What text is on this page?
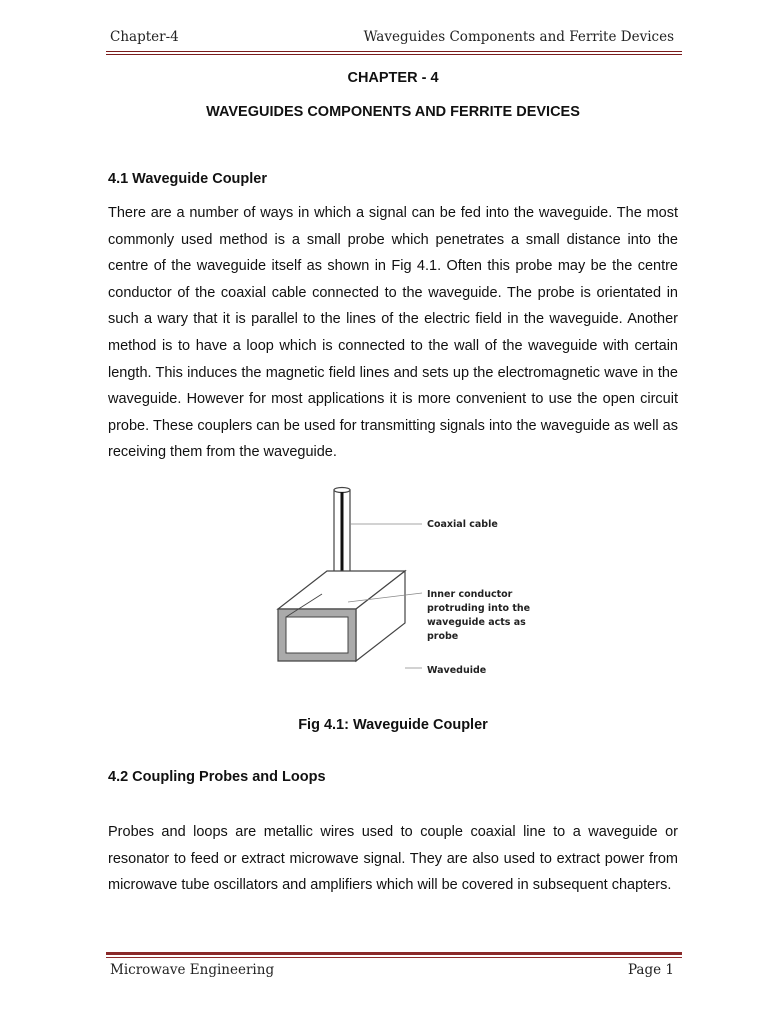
Chapter-4	Waveguides Components and Ferrite Devices
CHAPTER - 4
WAVEGUIDES COMPONENTS AND FERRITE DEVICES
4.1 Waveguide Coupler

There are a number of ways in which a signal can be fed into the waveguide. The most commonly used method is a small probe which penetrates a small distance into the centre of the waveguide itself as shown in Fig 4.1. Often this probe may be the centre conductor of the coaxial cable connected to the waveguide. The probe is orientated in such a wary that it is parallel to the lines of the electric field in the waveguide. Another method is to have a loop which is connected to the wall of the waveguide with certain length. This induces the magnetic field lines and sets up the electromagnetic wave in the waveguide. However for most applications it is more convenient to use the open circuit probe. These couplers can be used for transmitting signals into the waveguide as well as receiving them from the waveguide.

Coaxial cable
Inner conductor
protruding into the
waveguide acts as
probe
Waveduide
Fig 4.1: Waveguide Coupler
4.2 Coupling Probes and Loops

Probes and loops are metallic wires used to couple coaxial line to a waveguide or resonator to feed or extract microwave signal. They are also used to extract power from microwave tube oscillators and amplifiers which will be covered in subsequent chapters.

Microwave Engineering	Page 1
